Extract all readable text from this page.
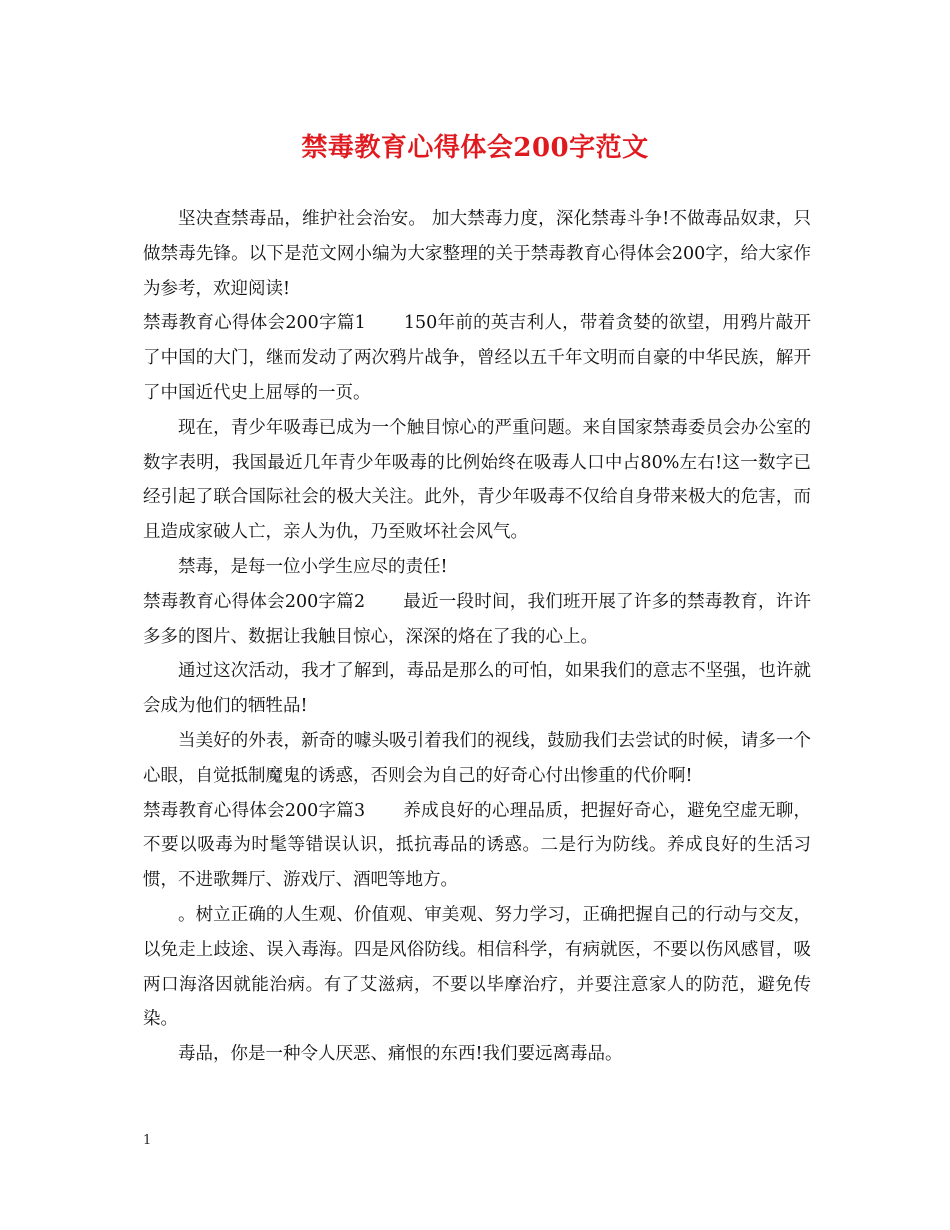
禁毒教育心得体会200字范文

坚决查禁毒品，维护社会治安。 加大禁毒力度，深化禁毒斗争!不做毒品奴隶，只做禁毒先锋。以下是范文网小编为大家整理的关于禁毒教育心得体会200字，给大家作为参考，欢迎阅读!

禁毒教育心得体会200字篇1 150年前的英吉利人，带着贪婪的欲望，用鸦片敲开了中国的大门，继而发动了两次鸦片战争，曾经以五千年文明而自豪的中华民族，解开了中国近代史上屈辱的一页。

现在，青少年吸毒已成为一个触目惊心的严重问题。来自国家禁毒委员会办公室的数字表明，我国最近几年青少年吸毒的比例始终在吸毒人口中占80%左右!这一数字已经引起了联合国际社会的极大关注。此外，青少年吸毒不仅给自身带来极大的危害，而且造成家破人亡，亲人为仇，乃至败坏社会风气。

禁毒，是每一位小学生应尽的责任!

禁毒教育心得体会200字篇2 最近一段时间，我们班开展了许多的禁毒教育，许许多多的图片、数据让我触目惊心，深深的烙在了我的心上。

通过这次活动，我才了解到，毒品是那么的可怕，如果我们的意志不坚强，也许就会成为他们的牺牲品!

当美好的外表，新奇的噱头吸引着我们的视线，鼓励我们去尝试的时候，请多一个心眼，自觉抵制魔鬼的诱惑，否则会为自己的好奇心付出惨重的代价啊!

禁毒教育心得体会200字篇3 养成良好的心理品质，把握好奇心，避免空虚无聊，不要以吸毒为时髦等错误认识，抵抗毒品的诱惑。二是行为防线。养成良好的生活习惯，不进歌舞厅、游戏厅、酒吧等地方。

。树立正确的人生观、价值观、审美观、努力学习，正确把握自己的行动与交友，以免走上歧途、误入毒海。四是风俗防线。相信科学，有病就医，不要以伤风感冒，吸两口海洛因就能治病。有了艾滋病，不要以毕摩治疗，并要注意家人的防范，避免传染。

毒品，你是一种令人厌恶、痛恨的东西!我们要远离毒品。

1
